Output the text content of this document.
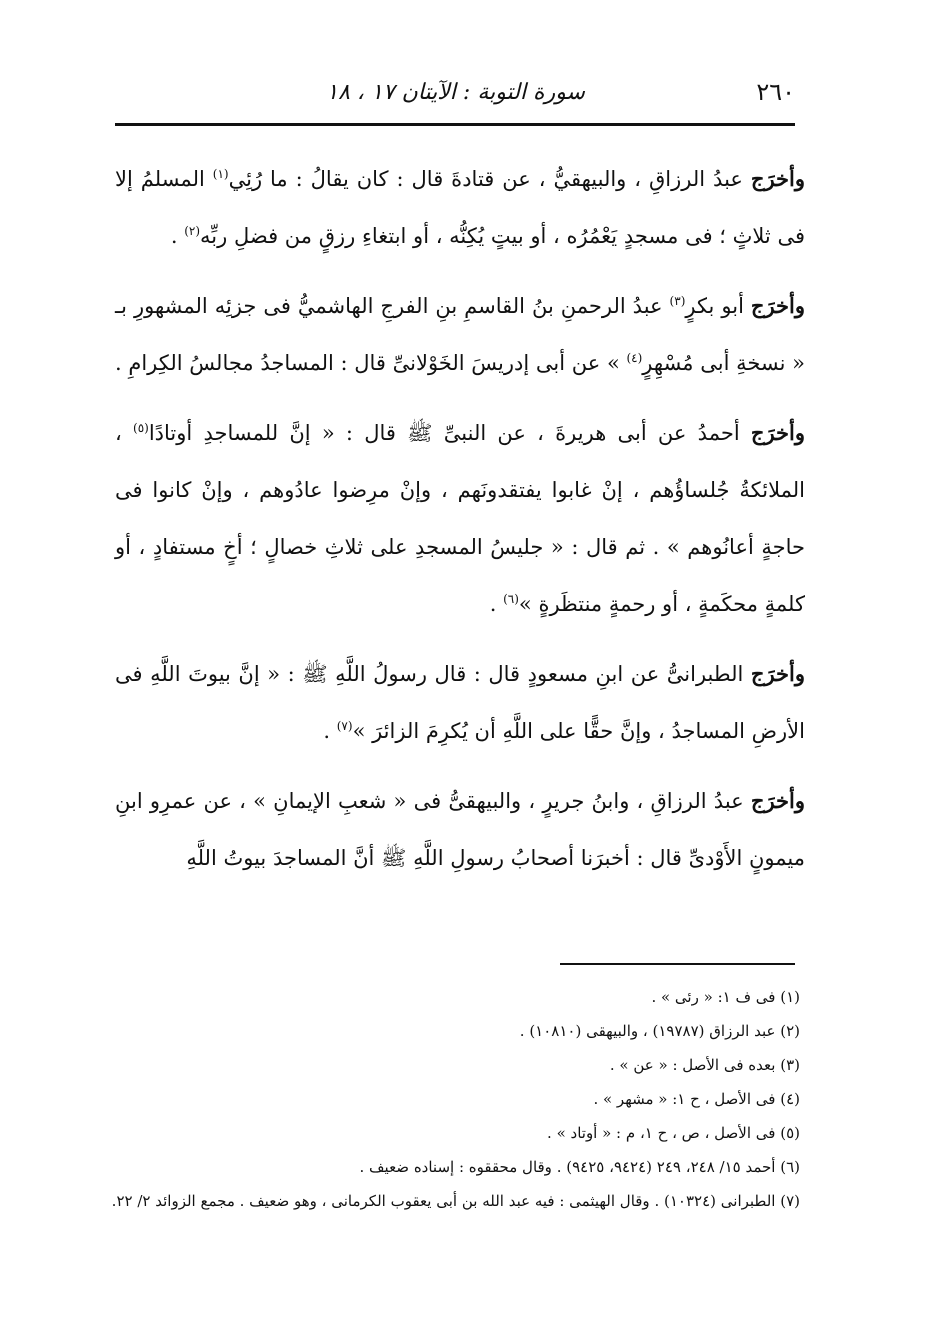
٢٦٠
سورة التوبة : الآيتان ١٧ ، ١٨

وأخرَج عبدُ الرزاقِ ، والبيهقيُّ ، عن قتادةَ قال : كان يقالُ : ما رُئِي$^{(١)}$ المسلمُ إلا فى ثلاثٍ ؛ فى مسجدٍ يَعْمُرُه ، أو بيتٍ يُكِنُّه ، أو ابتغاءِ رزقٍ من فضلِ ربِّه$^{(٢)}$ .

وأخرَج أبو بكرٍ$^{(٣)}$ عبدُ الرحمنِ بنُ القاسمِ بنِ الفرجِ الهاشميُّ فى جزئِه المشهورِ بـ « نسخةِ أبى مُسْهِرٍ$^{(٤)}$ » عن أبى إدريسَ الخَوْلانىِّ قال : المساجدُ مجالسُ الكِرامِ .

وأخرَج أحمدُ عن أبى هريرةَ ، عن النبىِّ ﷺ قال : « إنَّ للمساجدِ أوتادًا$^{(٥)}$ ، الملائكةُ جُلساؤُهم ، إنْ غابوا يفتقدونَهم ، وإنْ مرِضوا عادُوهم ، وإنْ كانوا فى حاجةٍ أعانُوهم » . ثم قال : « جليسُ المسجدِ على ثلاثِ خصالٍ ؛ أخٍ مستفادٍ ، أو كلمةٍ محكَمةٍ ، أو رحمةٍ منتظَرةٍ »$^{(٦)}$ .

وأخرَج الطبرانىُّ عن ابنِ مسعودٍ قال : قال رسولُ اللَّهِ ﷺ : « إنَّ بيوتَ اللَّهِ فى الأرضِ المساجدُ ، وإنَّ حقًّا على اللَّهِ أن يُكرِمَ الزائرَ »$^{(٧)}$ .

وأخرَج عبدُ الرزاقِ ، وابنُ جريرٍ ، والبيهقىُّ فى « شعبِ الإيمانِ » ، عن عمرِو ابنِ ميمونٍ الأَوْدىِّ قال : أخبرَنا أصحابُ رسولِ اللَّهِ ﷺ أنَّ المساجدَ بيوتُ اللَّهِ

(١) فى ف ١: « رئى » .
(٢) عبد الرزاق (١٩٧٨٧) ، والبيهقى (١٠٨١٠) .
(٣) بعده فى الأصل : « عن » .
(٤) فى الأصل ، ح ١: « مشهر » .
(٥) فى الأصل ، ص ، ح ١، م : « أوتاد » .
(٦) أحمد ١٥/ ٢٤٨، ٢٤٩ (٩٤٢٤، ٩٤٢٥) . وقال محققوه : إسناده ضعيف .
(٧) الطبرانى (١٠٣٢٤) . وقال الهيثمى : فيه عبد الله بن أبى يعقوب الكرمانى ، وهو ضعيف . مجمع الزوائد ٢/ ٢٢.
